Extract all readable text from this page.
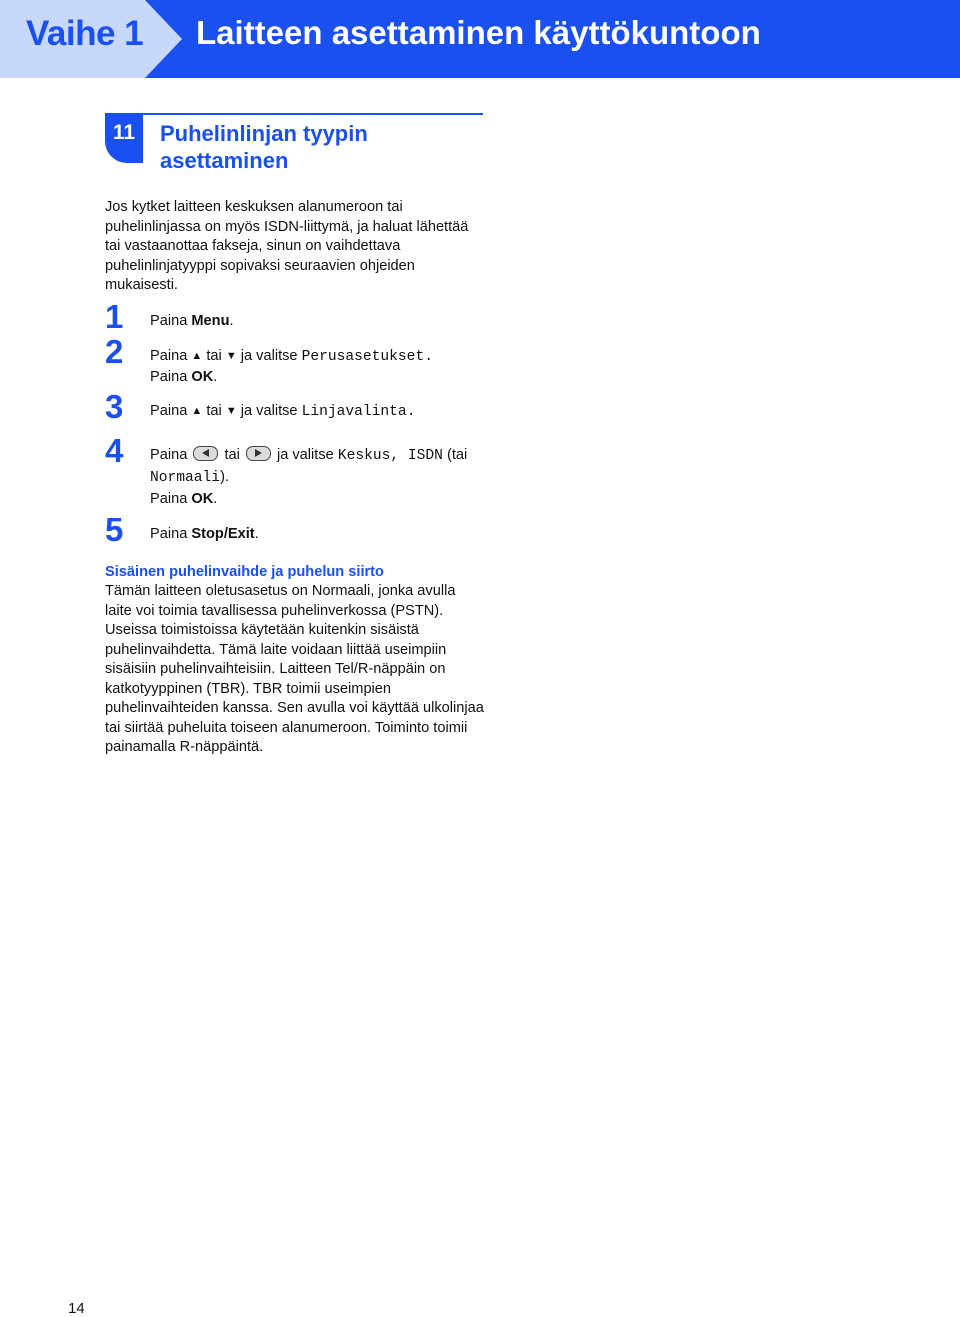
Vaihe 1 Laitteen asettaminen käyttökuntoon
11	Puhelinlinjan tyypin asettaminen

Jos kytket laitteen keskuksen alanumeroon tai puhelinlinjassa on myös ISDN-liittymä, ja haluat lähettää tai vastaanottaa fakseja, sinun on vaihdettava puhelinlinjatyyppi sopivaksi seuraavien ohjeiden mukaisesti.

1 Paina Menu.
2 Paina ▲ tai ▼ ja valitse Perusasetukset.
Paina OK.
3 Paina ▲ tai ▼ ja valitse Linjavalinta.
4 Paina
tai
ja valitse Keskus, ISDN (tai
Normaali).
Paina OK.
5 Paina Stop/Exit.
Sisäinen puhelinvaihde ja puhelun siirto

Tämän laitteen oletusasetus on Normaali, jonka avulla laite voi toimia tavallisessa puhelinverkossa (PSTN). Useissa toimistoissa käytetään kuitenkin sisäistä puhelinvaihdetta. Tämä laite voidaan liittää useimpiin sisäisiin puhelinvaihteisiin. Laitteen Tel/R-näppäin on katkotyyppinen (TBR). TBR toimii useimpien puhelinvaihteiden kanssa. Sen avulla voi käyttää ulkolinjaa tai siirtää puheluita toiseen alanumeroon. Toiminto toimii painamalla R-näppäintä.

14
